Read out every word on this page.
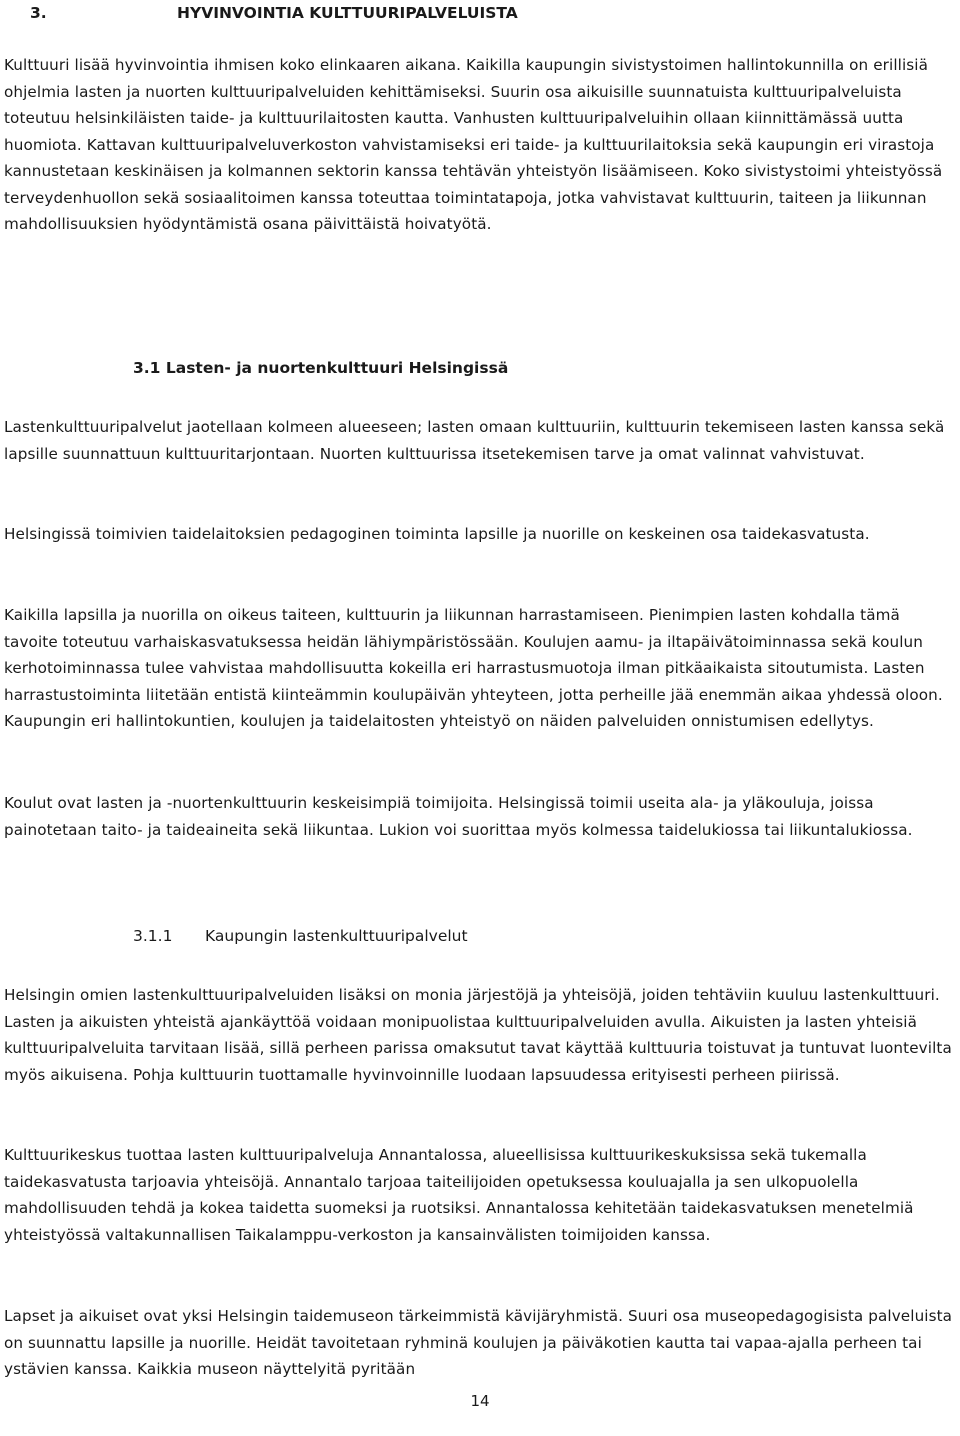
3.	HYVINVOINTIA KULTTUURIPALVELUISTA
Kulttuuri lisää hyvinvointia ihmisen koko elinkaaren aikana. Kaikilla kaupungin sivistystoimen hallintokunnilla on erillisiä ohjelmia lasten ja nuorten kulttuuripalveluiden kehittämiseksi. Suurin osa aikuisille suunnatuista kulttuuripalveluista toteutuu helsinkiläisten taide- ja kulttuurilaitosten kautta. Vanhusten kulttuuripalveluihin ollaan kiinnittämässä uutta huomiota. Kattavan kulttuuripalveluverkoston vahvistamiseksi eri taide- ja kulttuurilaitoksia sekä kaupungin eri virastoja kannustetaan keskinäisen ja kolmannen sektorin kanssa tehtävän yhteistyön lisäämiseen. Koko sivistystoimi yhteistyössä terveydenhuollon sekä sosiaalitoimen kanssa toteuttaa toimintatapoja, jotka vahvistavat kulttuurin, taiteen ja liikunnan mahdollisuuksien hyödyntämistä osana päivittäistä hoivatyötä.
3.1 Lasten- ja nuortenkulttuuri Helsingissä
Lastenkulttuuripalvelut jaotellaan kolmeen alueeseen; lasten omaan kulttuuriin, kulttuurin tekemiseen lasten kanssa sekä lapsille suunnattuun kulttuuritarjontaan. Nuorten kulttuurissa itsetekemisen tarve ja omat valinnat vahvistuvat.
Helsingissä toimivien taidelaitoksien pedagoginen toiminta lapsille ja nuorille on keskeinen osa taidekasvatusta.
Kaikilla lapsilla ja nuorilla on oikeus taiteen, kulttuurin ja liikunnan harrastamiseen. Pienimpien lasten kohdalla tämä tavoite toteutuu varhaiskasvatuksessa heidän lähiympäristössään. Koulujen aamu- ja iltapäivätoiminnassa sekä koulun kerhotoiminnassa tulee vahvistaa mahdollisuutta kokeilla eri harrastusmuotoja ilman pitkäaikaista sitoutumista. Lasten harrastustoiminta liitetään entistä kiinteämmin koulupäivän yhteyteen, jotta perheille jää enemmän aikaa yhdessä oloon. Kaupungin eri hallintokuntien, koulujen ja taidelaitosten yhteistyö on näiden palveluiden onnistumisen edellytys.
Koulut ovat lasten ja -nuortenkulttuurin keskeisimpiä toimijoita. Helsingissä toimii useita ala- ja yläkouluja, joissa painotetaan taito- ja taideaineita sekä liikuntaa. Lukion voi suorittaa myös kolmessa taidelukiossa tai liikuntalukiossa.
3.1.1 Kaupungin lastenkulttuuripalvelut
Helsingin omien lastenkulttuuripalveluiden lisäksi on monia järjestöjä ja yhteisöjä, joiden tehtäviin kuuluu lastenkulttuuri. Lasten ja aikuisten yhteistä ajankäyttöä voidaan monipuolistaa kulttuuripalveluiden avulla. Aikuisten ja lasten yhteisiä kulttuuripalveluita tarvitaan lisää, sillä perheen parissa omaksutut tavat käyttää kulttuuria toistuvat ja tuntuvat luontevilta myös aikuisena. Pohja kulttuurin tuottamalle hyvinvoinnille luodaan lapsuudessa erityisesti perheen piirissä.
Kulttuurikeskus tuottaa lasten kulttuuripalveluja Annantalossa, alueellisissa kulttuurikeskuksissa sekä tukemalla taidekasvatusta tarjoavia yhteisöjä. Annantalo tarjoaa taiteilijoiden opetuksessa kouluajalla ja sen ulkopuolella mahdollisuuden tehdä ja kokea taidetta suomeksi ja ruotsiksi. Annantalossa kehitetään taidekasvatuksen menetelmiä yhteistyössä valtakunnallisen Taikalamppu-verkoston ja kansainvälisten toimijoiden kanssa.
Lapset ja aikuiset ovat yksi Helsingin taidemuseon tärkeimmistä kävijäryhmistä. Suuri osa museopedagogisista palveluista on suunnattu lapsille ja nuorille. Heidät tavoitetaan ryhminä koulujen ja päiväkotien kautta tai vapaa-ajalla perheen tai ystävien kanssa. Kaikkia museon näyttelyitä pyritään
14
